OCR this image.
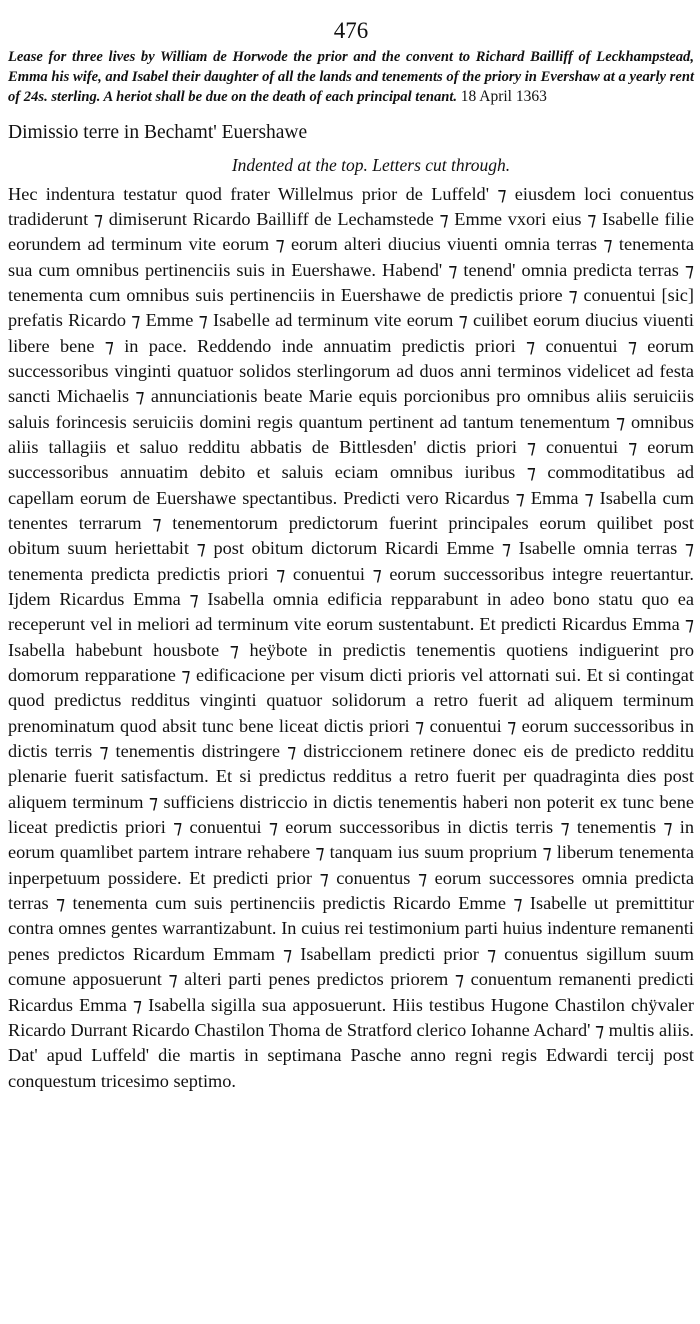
476

Lease for three lives by William de Horwode the prior and the convent to Richard Bailliff of Leckhampstead, Emma his wife, and Isabel their daughter of all the lands and tenements of the priory in Evershaw at a yearly rent of 24s. sterling. A heriot shall be due on the death of each principal tenant. 18 April 1363

Dimissio terre in Bechamt' Euershawe
Indented at the top. Letters cut through.

Hec indentura testatur quod frater Willelmus prior de Luffeld' ⁊ eiusdem loci conuentus tradiderunt ⁊ dimiserunt Ricardo Bailliff de Lechamstede ⁊ Emme vxori eius ⁊ Isabelle filie eorundem ad terminum vite eorum ⁊ eorum alteri diucius viuenti omnia terras ⁊ tenementa sua cum omnibus pertinenciis suis in Euershawe. Habend' ⁊ tenend' omnia predicta terras ⁊ tenementa cum omnibus suis pertinenciis in Euershawe de predictis priore ⁊ conuentui [sic] prefatis Ricardo ⁊ Emme ⁊ Isabelle ad terminum vite eorum ⁊ cuilibet eorum diucius viuenti libere bene ⁊ in pace. Reddendo inde annuatim predictis priori ⁊ conuentui ⁊ eorum successoribus vinginti quatuor solidos sterlingorum ad duos anni terminos videlicet ad festa sancti Michaelis ⁊ annunciationis beate Marie equis porcionibus pro omnibus aliis seruiciis saluis forincesis seruiciis domini regis quantum pertinent ad tantum tenementum ⁊ omnibus aliis tallagiis et saluo redditu abbatis de Bittlesden' dictis priori ⁊ conuentui ⁊ eorum successoribus annuatim debito et saluis eciam omnibus iuribus ⁊ commoditatibus ad capellam eorum de Euershawe spectantibus. Predicti vero Ricardus ⁊ Emma ⁊ Isabella cum tenentes terrarum ⁊ tenementorum predictorum fuerint principales eorum quilibet post obitum suum heriettabit ⁊ post obitum dictorum Ricardi Emme ⁊ Isabelle omnia terras ⁊ tenementa predicta predictis priori ⁊ conuentui ⁊ eorum successoribus integre reuertantur. Ijdem Ricardus Emma ⁊ Isabella omnia edificia repparabunt in adeo bono statu quo ea receperunt vel in meliori ad terminum vite eorum sustentabunt. Et predicti Ricardus Emma ⁊ Isabella habebunt housbote ⁊ heÿbote in predictis tenementis quotiens indiguerint pro domorum repparatione ⁊ edificacione per visum dicti prioris vel attornati sui. Et si contingat quod predictus redditus vinginti quatuor solidorum a retro fuerit ad aliquem terminum prenominatum quod absit tunc bene liceat dictis priori ⁊ conuentui ⁊ eorum successoribus in dictis terris ⁊ tenementis distringere ⁊ districcionem retinere donec eis de predicto redditu plenarie fuerit satisfactum. Et si predictus redditus a retro fuerit per quadraginta dies post aliquem terminum ⁊ sufficiens districcio in dictis tenementis haberi non poterit ex tunc bene liceat predictis priori ⁊ conuentui ⁊ eorum successoribus in dictis terris ⁊ tenementis ⁊ in eorum quamlibet partem intrare rehabere ⁊ tanquam ius suum proprium ⁊ liberum tenementa inperpetuum possidere. Et predicti prior ⁊ conuentus ⁊ eorum successores omnia predicta terras ⁊ tenementa cum suis pertinenciis predictis Ricardo Emme ⁊ Isabelle ut premittitur contra omnes gentes warrantizabunt. In cuius rei testimonium parti huius indenture remanenti penes predictos Ricardum Emmam ⁊ Isabellam predicti prior ⁊ conuentus sigillum suum comune apposuerunt ⁊ alteri parti penes predictos priorem ⁊ conuentum remanenti predicti Ricardus Emma ⁊ Isabella sigilla sua apposuerunt. Hiis testibus Hugone Chastilon chÿvaler Ricardo Durrant Ricardo Chastilon Thoma de Stratford clerico Iohanne Achard' ⁊ multis aliis. Dat' apud Luffeld' die martis in septimana Pasche anno regni regis Edwardi tercij post conquestum tricesimo septimo.
